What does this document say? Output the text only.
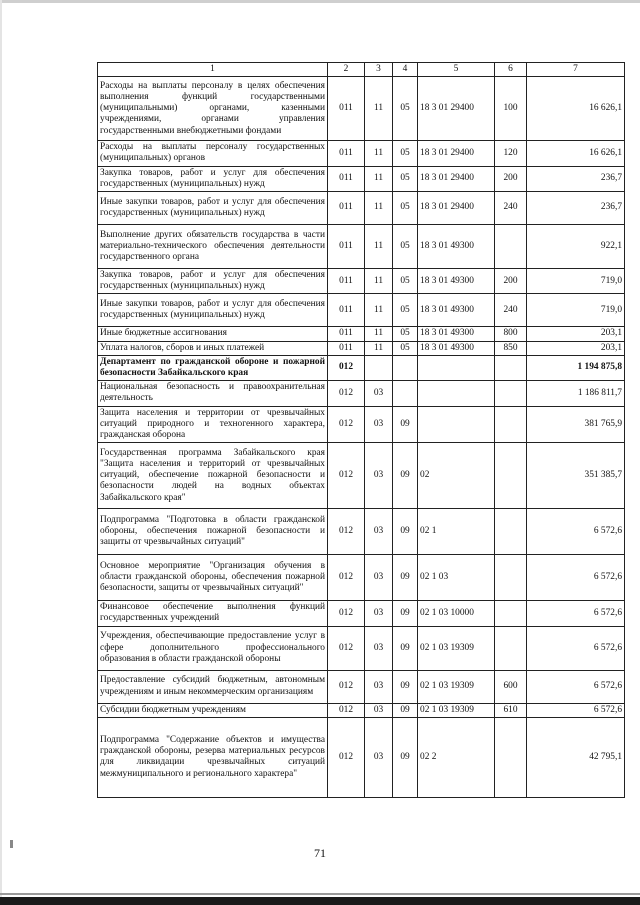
1	2	3	4	5	6	7
Расходы на выплаты персоналу в целях обеспечения выполнения функций государственными (муниципальными) органами, казенными учреждениями, органами управления государственными внебюджетными фондами	011	11	05	18 3 01 29400	100	16 626,1
Расходы на выплаты персоналу государственных (муниципальных) органов	011	11	05	18 3 01 29400	120	16 626,1
Закупка товаров, работ и услуг для обеспечения государственных (муниципальных) нужд	011	11	05	18 3 01 29400	200	236,7
Иные закупки товаров, работ и услуг для обеспечения государственных (муниципальных) нужд	011	11	05	18 3 01 29400	240	236,7
Выполнение других обязательств государства в части материально-технического обеспечения деятельности государственного органа	011	11	05	18 3 01 49300		922,1
Закупка товаров, работ и услуг для обеспечения государственных (муниципальных) нужд	011	11	05	18 3 01 49300	200	719,0
Иные закупки товаров, работ и услуг для обеспечения государственных (муниципальных) нужд	011	11	05	18 3 01 49300	240	719,0
Иные бюджетные ассигнования	011	11	05	18 3 01 49300	800	203,1
Уплата налогов, сборов и иных платежей	011	11	05	18 3 01 49300	850	203,1
Департамент по гражданской обороне и пожарной безопасности Забайкальского края	012					1 194 875,8
Национальная безопасность и правоохранительная деятельность	012	03				1 186 811,7
Защита населения и территории от чрезвычайных ситуаций природного и техногенного характера, гражданская оборона	012	03	09			381 765,9
Государственная программа Забайкальского края "Защита населения и территорий от чрезвычайных ситуаций, обеспечение пожарной безопасности и безопасности людей на водных объектах Забайкальского края"	012	03	09	02		351 385,7
Подпрограмма "Подготовка в области гражданской обороны, обеспечения пожарной безопасности и защиты от чрезвычайных ситуаций"	012	03	09	02 1		6 572,6
Основное мероприятие "Организация обучения в области гражданской обороны, обеспечения пожарной безопасности, защиты от чрезвычайных ситуаций"	012	03	09	02 1 03		6 572,6
Финансовое обеспечение выполнения функций государственных учреждений	012	03	09	02 1 03 10000		6 572,6
Учреждения, обеспечивающие предоставление услуг в сфере дополнительного профессионального образования в области гражданской обороны	012	03	09	02 1 03 19309		6 572,6
Предоставление субсидий бюджетным, автономным учреждениям и иным некоммерческим организациям	012	03	09	02 1 03 19309	600	6 572,6
Субсидии бюджетным учреждениям	012	03	09	02 1 03 19309	610	6 572,6
Подпрограмма "Содержание объектов и имущества гражданской обороны, резерва материальных ресурсов для ликвидации чрезвычайных ситуаций межмуниципального и регионального характера"	012	03	09	02 2		42 795,1
71
